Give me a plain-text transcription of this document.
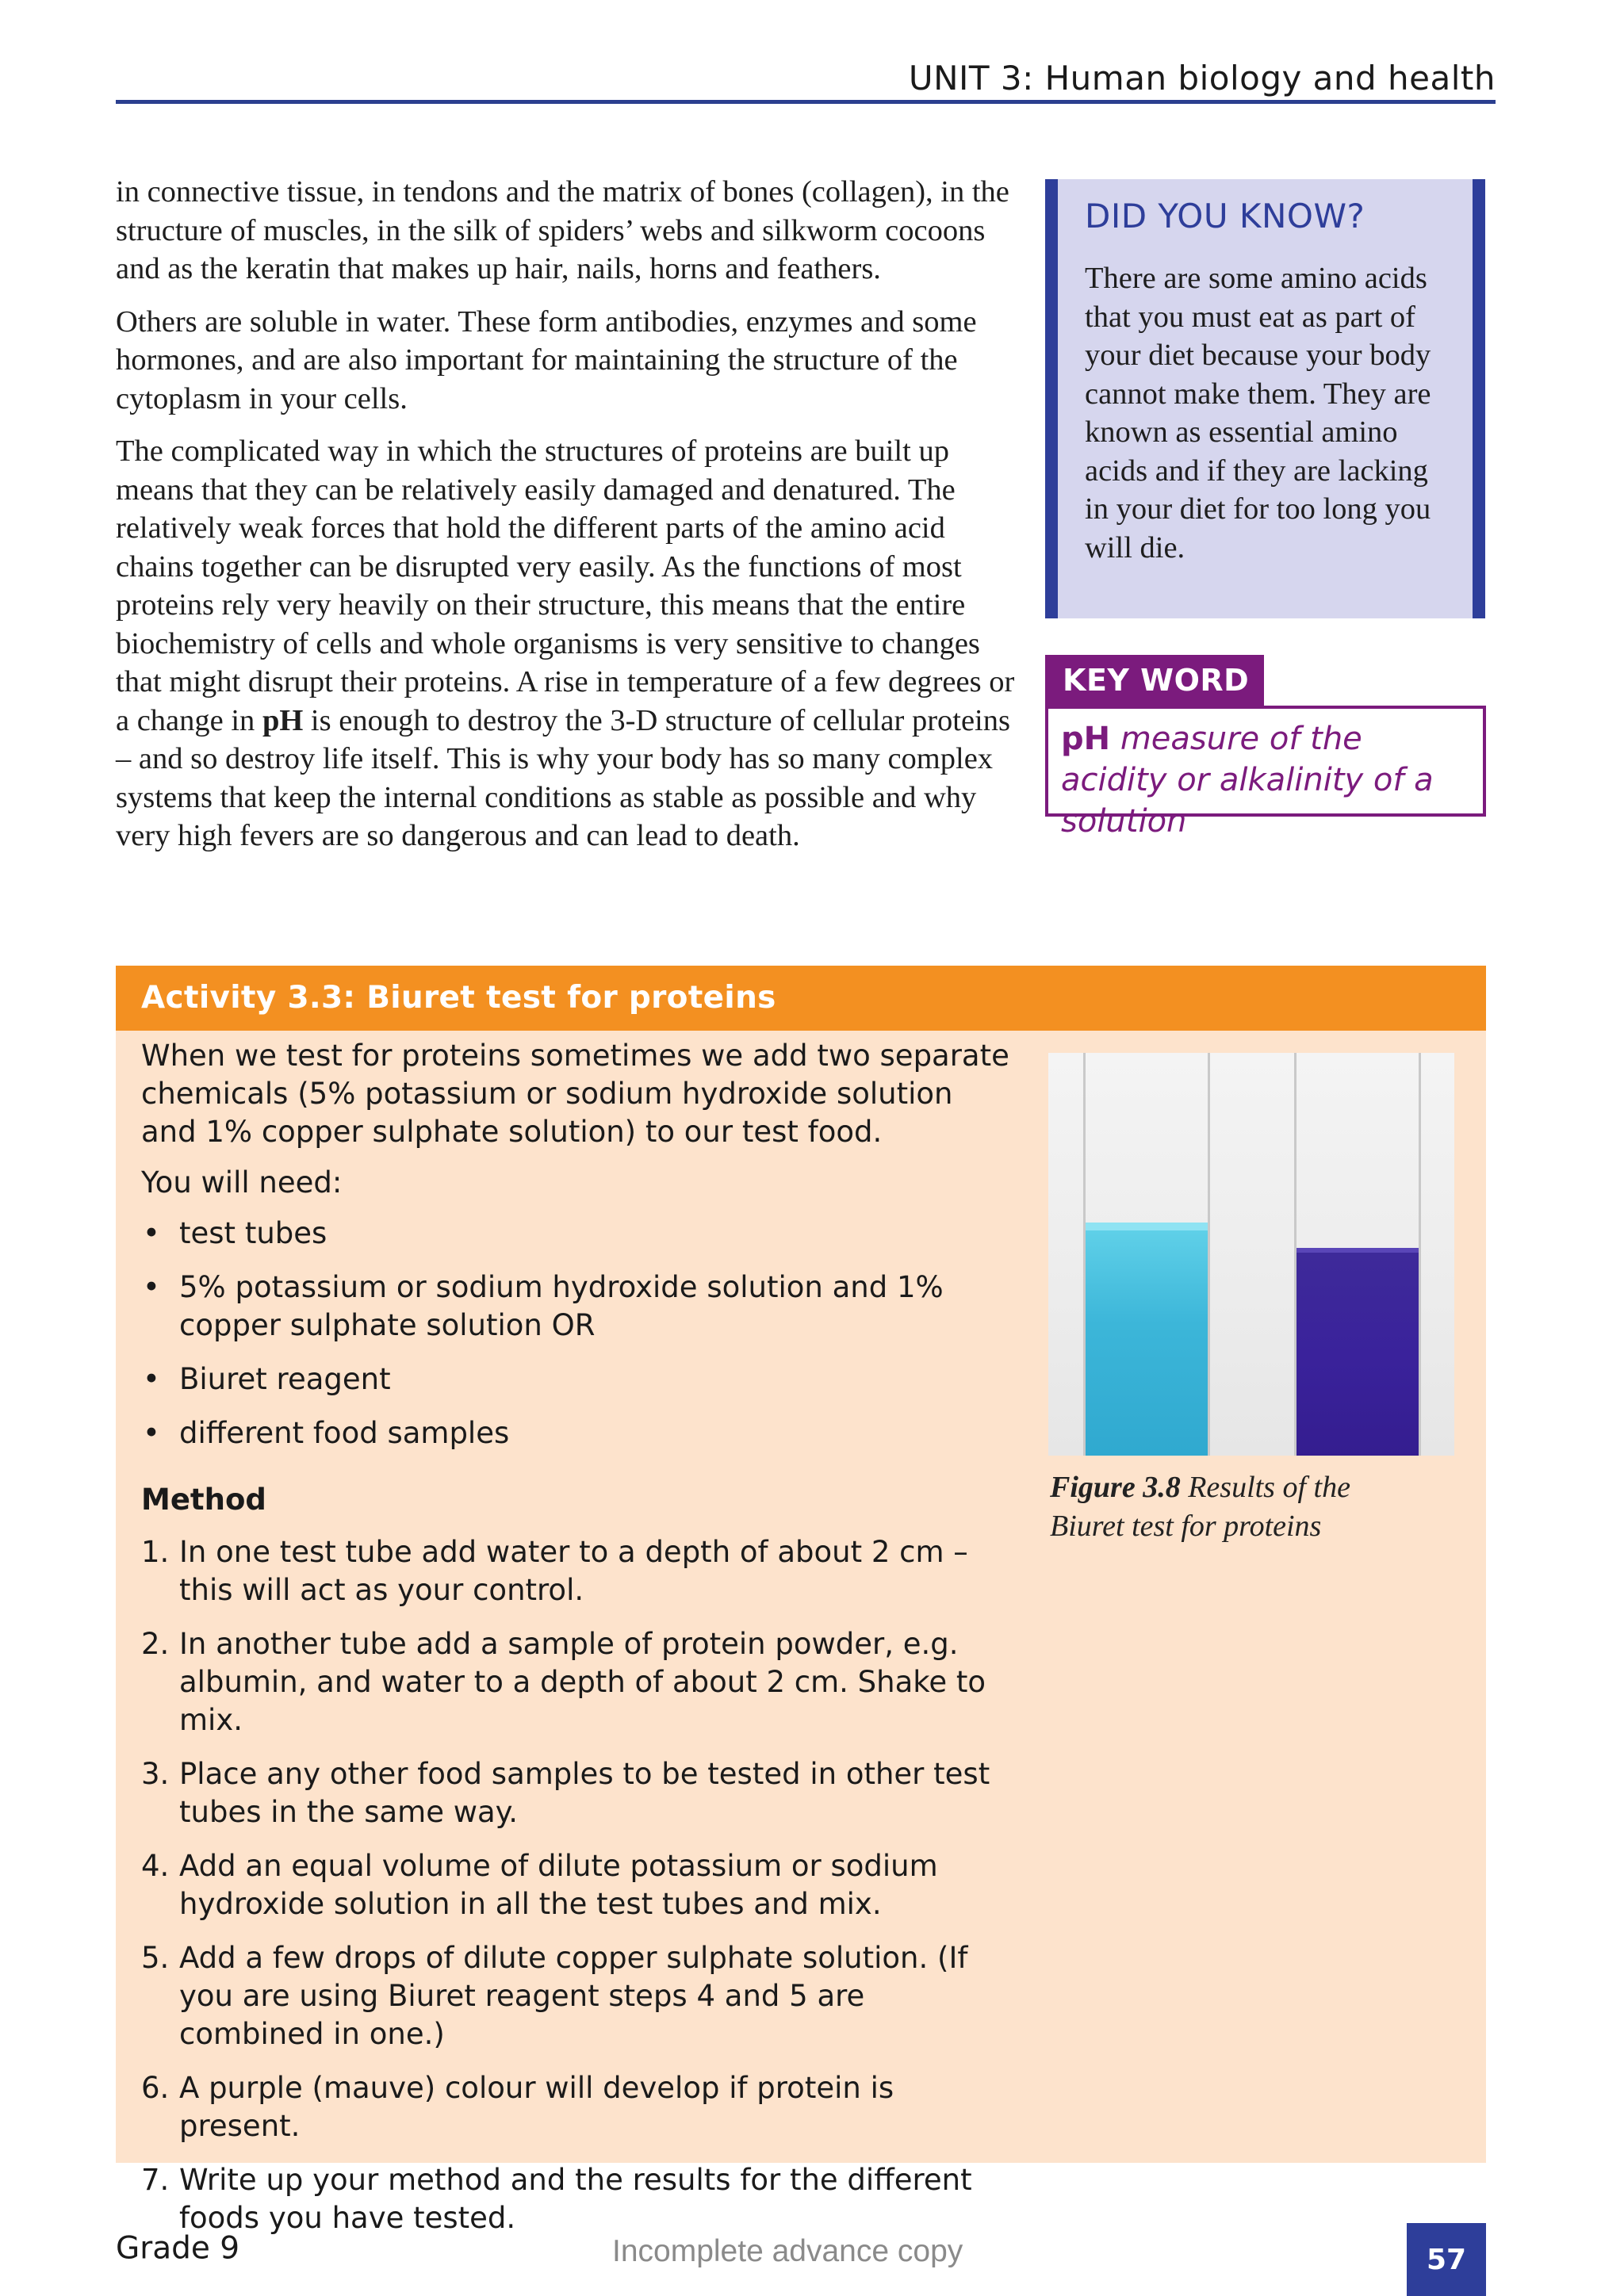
UNIT 3: Human biology and health

in connective tissue, in tendons and the matrix of bones (collagen), in the structure of muscles, in the silk of spiders’ webs and silkworm cocoons and as the keratin that makes up hair, nails, horns and feathers.

Others are soluble in water. These form antibodies, enzymes and some hormones, and are also important for maintaining the structure of the cytoplasm in your cells.

The complicated way in which the structures of proteins are built up means that they can be relatively easily damaged and denatured. The relatively weak forces that hold the different parts of the amino acid chains together can be disrupted very easily. As the functions of most proteins rely very heavily on their structure, this means that the entire biochemistry of cells and whole organisms is very sensitive to changes that might disrupt their proteins. A rise in temperature of a few degrees or a change in pH is enough to destroy the 3-D structure of cellular proteins – and so destroy life itself. This is why your body has so many complex systems that keep the internal conditions as stable as possible and why very high fevers are so dangerous and can lead to death.

DID YOU KNOW?
There are some amino acids that you must eat as part of your diet because your body cannot make them. They are known as essential amino acids and if they are lacking in your diet for too long you will die.
KEY WORD
pH measure of the acidity or alkalinity of a solution
Activity 3.3: Biuret test for proteins

When we test for proteins sometimes we add two separate chemicals (5% potassium or sodium hydroxide solution and 1% copper sulphate solution) to our test food.

You will need:

• test tubes
• 5% potassium or sodium hydroxide solution and 1% copper sulphate solution OR
• Biuret reagent
• different food samples
Method
1. In one test tube add water to a depth of about 2 cm – this will act as your control.
2. In another tube add a sample of protein powder, e.g. albumin, and water to a depth of about 2 cm. Shake to mix.
3. Place any other food samples to be tested in other test tubes in the same way.
4. Add an equal volume of dilute potassium or sodium hydroxide solution in all the test tubes and mix.
5. Add a few drops of dilute copper sulphate solution. (If you are using Biuret reagent steps 4 and 5 are combined in one.)
6. A purple (mauve) colour will develop if protein is present.
7. Write up your method and the results for the different foods you have tested.
Figure 3.8 Results of the Biuret test for proteins
Grade 9	Incomplete advance copy	57
